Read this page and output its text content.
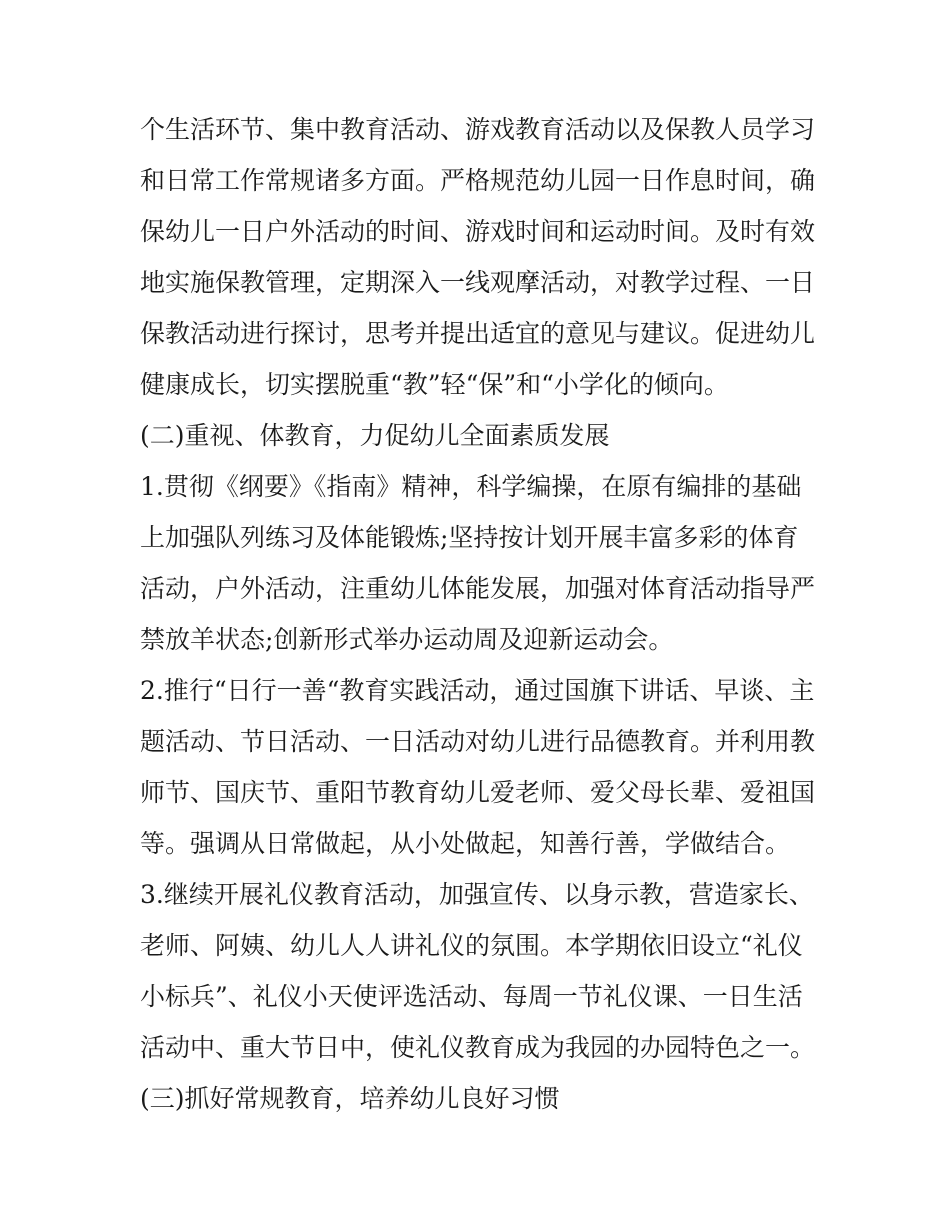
个生活环节、集中教育活动、游戏教育活动以及保教人员学习
和日常工作常规诸多方面。严格规范幼儿园一日作息时间，确
保幼儿一日户外活动的时间、游戏时间和运动时间。及时有效
地实施保教管理，定期深入一线观摩活动，对教学过程、一日
保教活动进行探讨，思考并提出适宜的意见与建议。促进幼儿
健康成长，切实摆脱重“教”轻“保”和“小学化的倾向。
(二)重视、体教育，力促幼儿全面素质发展
1.贯彻《纲要》《指南》精神，科学编操，在原有编排的基础
上加强队列练习及体能锻炼;坚持按计划开展丰富多彩的体育
活动，户外活动，注重幼儿体能发展，加强对体育活动指导严
禁放羊状态;创新形式举办运动周及迎新运动会。
2.推行“日行一善“教育实践活动，通过国旗下讲话、早谈、主
题活动、节日活动、一日活动对幼儿进行品德教育。并利用教
师节、国庆节、重阳节教育幼儿爱老师、爱父母长辈、爱祖国
等。强调从日常做起，从小处做起，知善行善，学做结合。
3.继续开展礼仪教育活动，加强宣传、以身示教，营造家长、
老师、阿姨、幼儿人人讲礼仪的氛围。本学期依旧设立“礼仪
小标兵”、礼仪小天使评选活动、每周一节礼仪课、一日生活
活动中、重大节日中，使礼仪教育成为我园的办园特色之一。
(三)抓好常规教育，培养幼儿良好习惯
